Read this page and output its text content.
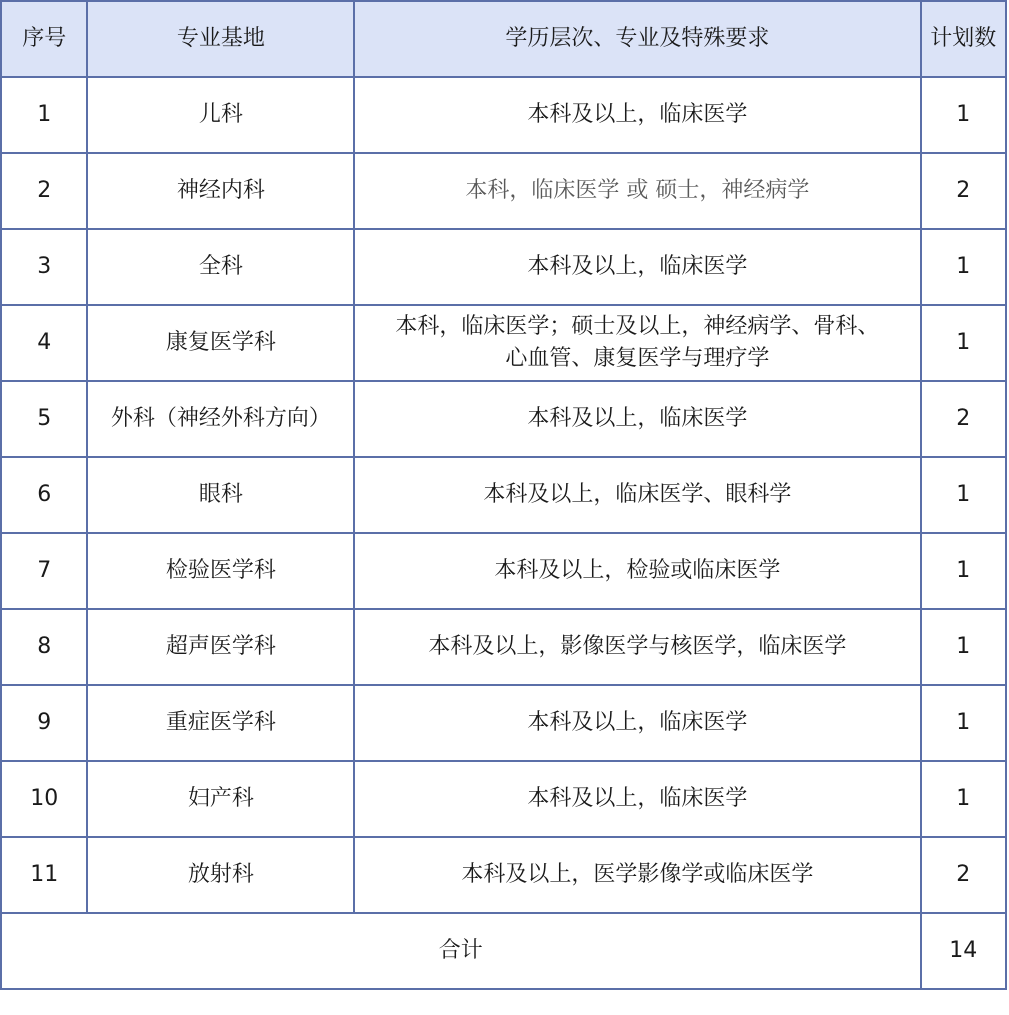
序号	专业基地	学历层次、专业及特殊要求	计划数
1	儿科	本科及以上，临床医学	1
2	神经内科	本科，临床医学 或 硕士，神经病学	2
3	全科	本科及以上，临床医学	1
4	康复医学科	本科，临床医学；硕士及以上，神经病学、骨科、
心血管、康复医学与理疗学	1
5	外科（神经外科方向）	本科及以上，临床医学	2
6	眼科	本科及以上，临床医学、眼科学	1
7	检验医学科	本科及以上，检验或临床医学	1
8	超声医学科	本科及以上，影像医学与核医学，临床医学	1
9	重症医学科	本科及以上，临床医学	1
10	妇产科	本科及以上，临床医学	1
11	放射科	本科及以上，医学影像学或临床医学	2
合计			14
